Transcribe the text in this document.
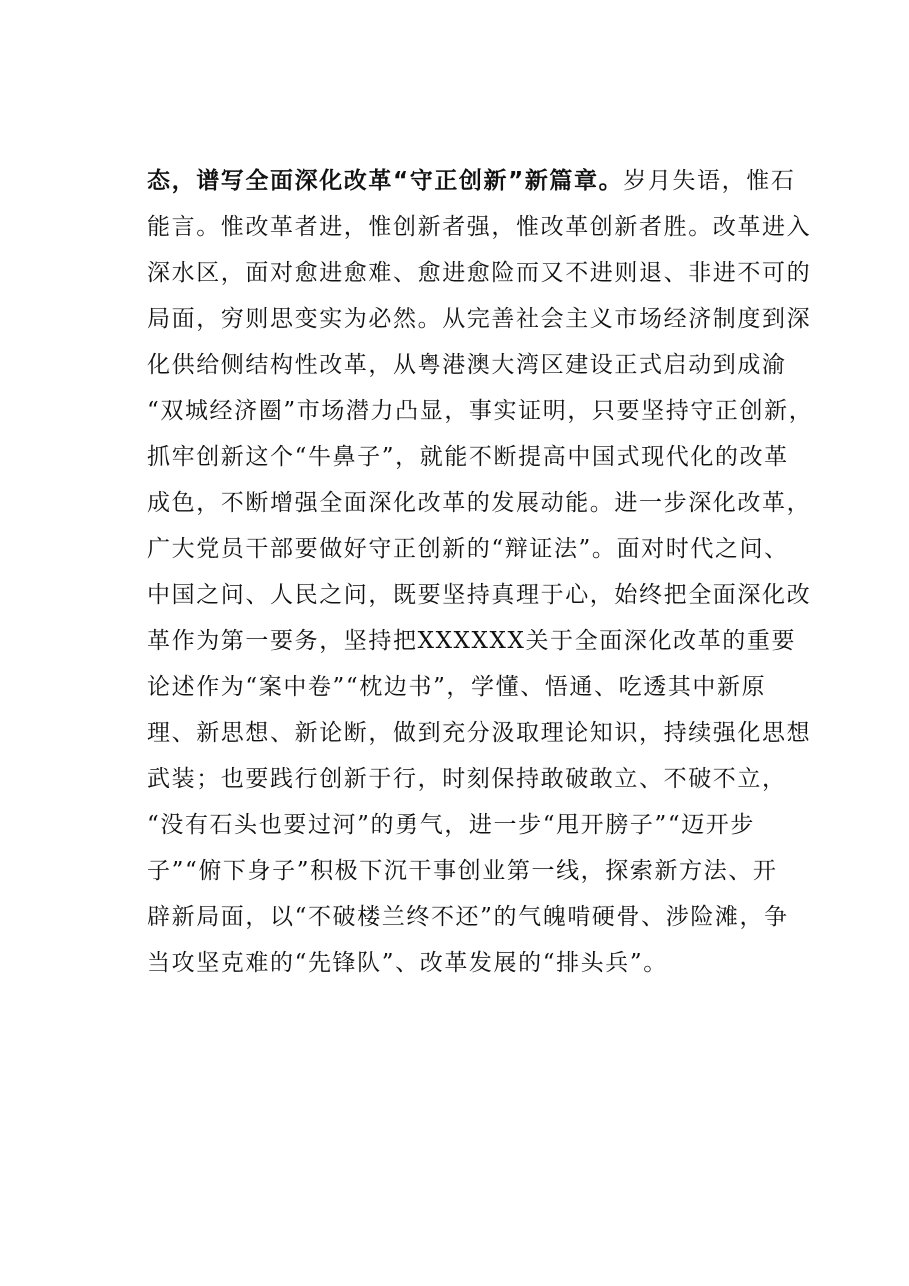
态，谱写全面深化改革“守正创新”新篇章。岁月失语，惟石
能言。惟改革者进，惟创新者强，惟改革创新者胜。改革进入
深水区，面对愈进愈难、愈进愈险而又不进则退、非进不可的
局面，穷则思变实为必然。从完善社会主义市场经济制度到深
化供给侧结构性改革，从粤港澳大湾区建设正式启动到成渝
“双城经济圈”市场潜力凸显，事实证明，只要坚持守正创新，
抓牢创新这个“牛鼻子”，就能不断提高中国式现代化的改革
成色，不断增强全面深化改革的发展动能。进一步深化改革，
广大党员干部要做好守正创新的“辩证法”。面对时代之问、
中国之问、人民之问，既要坚持真理于心，始终把全面深化改
革作为第一要务，坚持把XXXXXX关于全面深化改革的重要
论述作为“案中卷”“枕边书”，学懂、悟通、吃透其中新原
理、新思想、新论断，做到充分汲取理论知识，持续强化思想
武装；也要践行创新于行，时刻保持敢破敢立、不破不立，
“没有石头也要过河”的勇气，进一步“甩开膀子”“迈开步
子”“俯下身子”积极下沉干事创业第一线，探索新方法、开
辟新局面，以“不破楼兰终不还”的气魄啃硬骨、涉险滩，争
当攻坚克难的“先锋队”、改革发展的“排头兵”。
